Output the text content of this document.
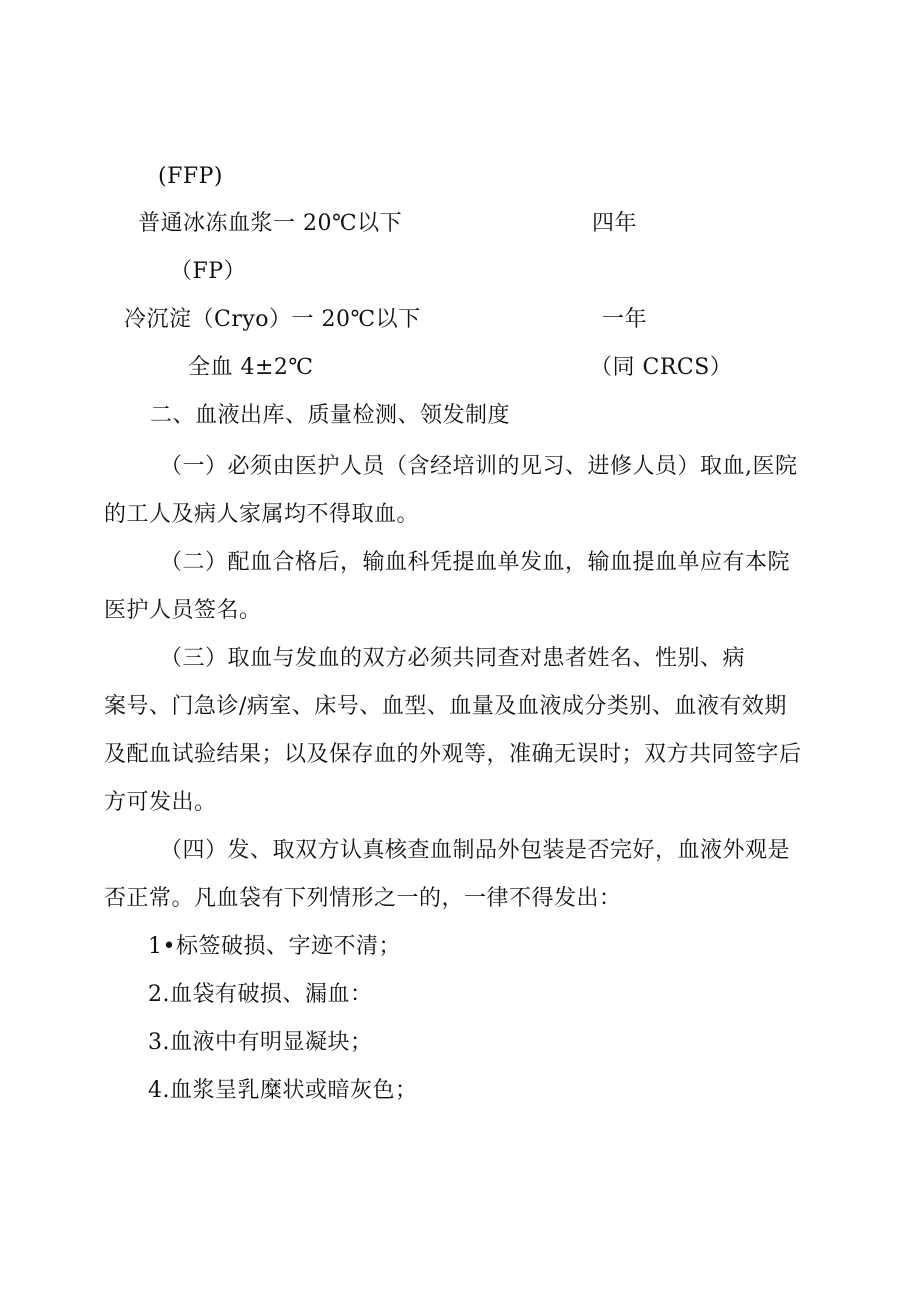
(FFP)
普通冰冻血浆一 20℃以下	四年
（FP）
冷沉淀（Cryo）一 20℃以下	一年
全血 4±2℃	（同 CRCS）
二、血液出库、质量检测、领发制度
（一）必须由医护人员（含经培训的见习、进修人员）取血,医院
的工人及病人家属均不得取血。
（二）配血合格后，输血科凭提血单发血，输血提血单应有本院
医护人员签名。
（三）取血与发血的双方必须共同查对患者姓名、性别、病
案号、门急诊/病室、床号、血型、血量及血液成分类别、血液有效期
及配血试验结果；以及保存血的外观等，准确无误时；双方共同签字后
方可发出。
（四）发、取双方认真核查血制品外包装是否完好，血液外观是
否正常。凡血袋有下列情形之一的，一律不得发出：
1•标签破损、字迹不清；
2.血袋有破损、漏血：
3.血液中有明显凝块；
4.血浆呈乳糜状或暗灰色；
